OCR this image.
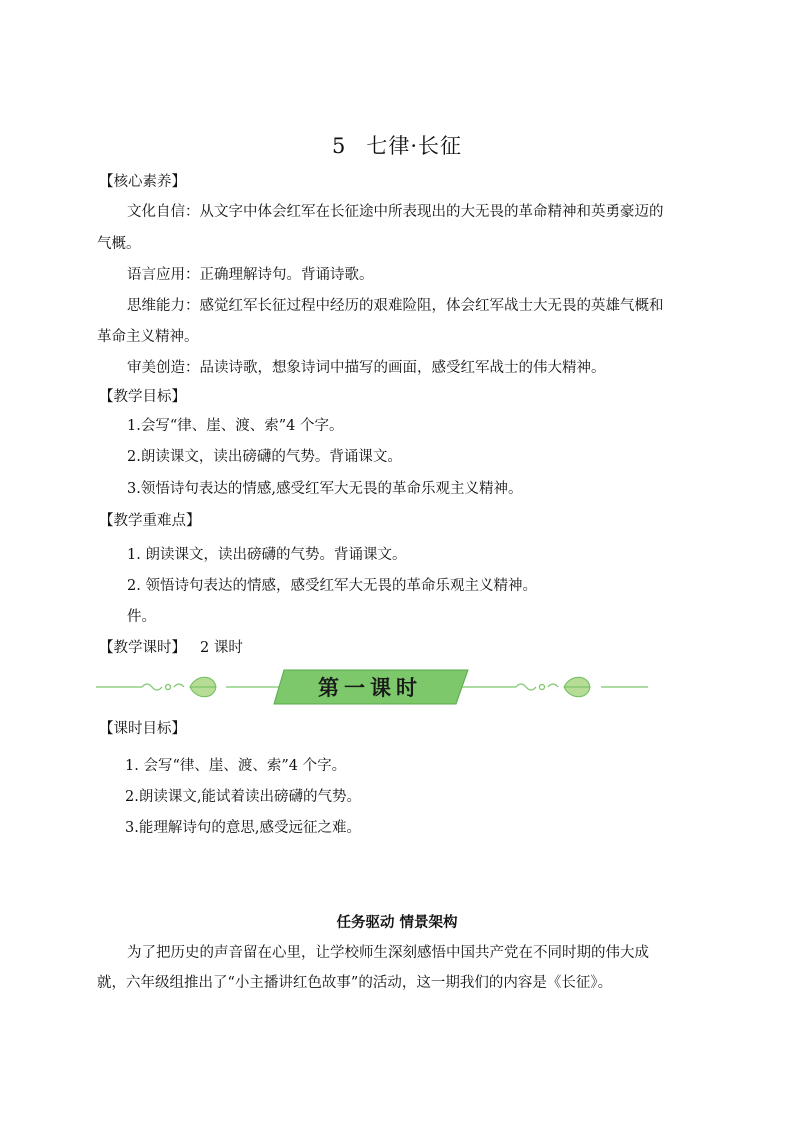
5 七律·长征
【核心素养】
文化自信：从文字中体会红军在长征途中所表现出的大无畏的革命精神和英勇豪迈的
气概。
语言应用：正确理解诗句。背诵诗歌。
思维能力：感觉红军长征过程中经历的艰难险阻，体会红军战士大无畏的英雄气概和
革命主义精神。
审美创造：品读诗歌，想象诗词中描写的画面，感受红军战士的伟大精神。
【教学目标】
1.会写“律、崖、渡、索”4 个字。
2.朗读课文，读出磅礴的气势。背诵课文。
3.领悟诗句表达的情感,感受红军大无畏的革命乐观主义精神。
【教学重难点】
1. 朗读课文，读出磅礴的气势。背诵课文。
2. 领悟诗句表达的情感，感受红军大无畏的革命乐观主义精神。
件。
【教学课时】 2 课时
第一课时
【课时目标】
1. 会写“律、崖、渡、索”4 个字。
2.朗读课文,能试着读出磅礴的气势。
3.能理解诗句的意思,感受远征之难。
任务驱动 情景架构
为了把历史的声音留在心里，让学校师生深刻感悟中国共产党在不同时期的伟大成
就，六年级组推出了“小主播讲红色故事”的活动，这一期我们的内容是《长征》。
